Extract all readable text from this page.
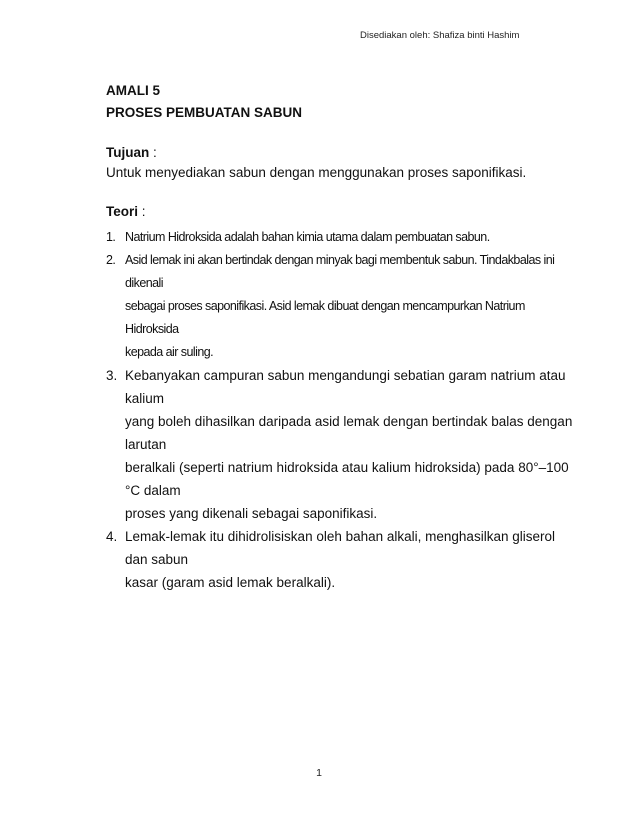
Disediakan oleh: Shafiza binti Hashim

AMALI 5

PROSES PEMBUATAN SABUN

Tujuan :

Untuk menyediakan sabun dengan menggunakan proses saponifikasi.

Teori :

1. Natrium Hidroksida adalah bahan kimia utama dalam pembuatan sabun.
2. Asid lemak ini akan bertindak dengan minyak bagi membentuk sabun. Tindakbalas ini dikenali
sebagai proses saponifikasi. Asid lemak dibuat dengan mencampurkan Natrium Hidroksida
kepada air suling.
3. Kebanyakan campuran sabun mengandungi sebatian garam natrium atau kalium
yang boleh dihasilkan daripada asid lemak dengan bertindak balas dengan larutan
beralkali (seperti natrium hidroksida atau kalium hidroksida) pada 80°–100 °C dalam
proses yang dikenali sebagai saponifikasi.
4. Lemak-lemak itu dihidrolisiskan oleh bahan alkali, menghasilkan gliserol dan sabun
kasar (garam asid lemak beralkali).
1
